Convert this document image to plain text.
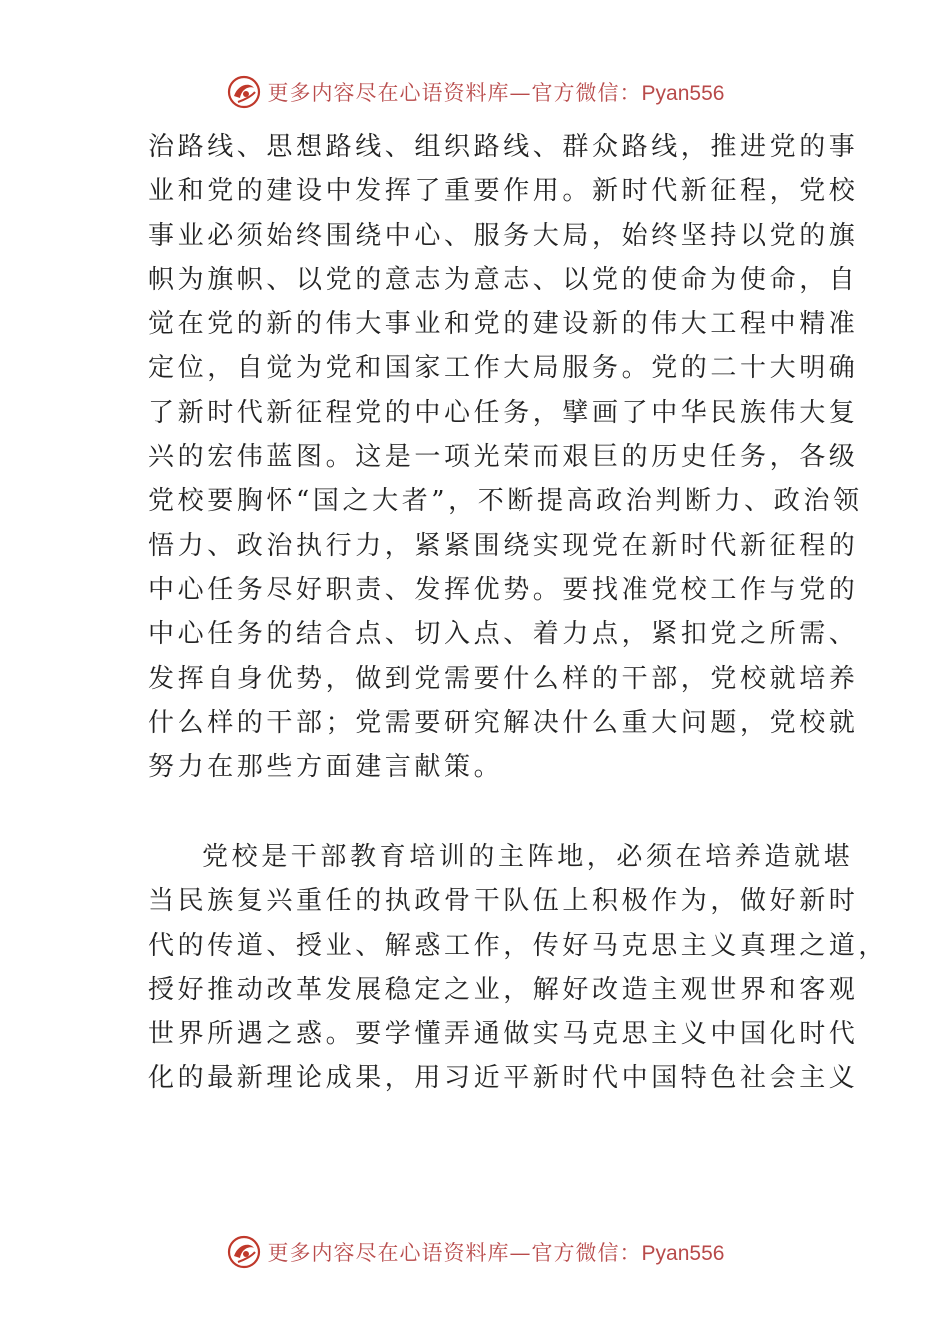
更多内容尽在心语资料库—官方微信：Pyan556
治路线、思想路线、组织路线、群众路线，推进党的事
业和党的建设中发挥了重要作用。新时代新征程，党校
事业必须始终围绕中心、服务大局，始终坚持以党的旗
帜为旗帜、以党的意志为意志、以党的使命为使命，自
觉在党的新的伟大事业和党的建设新的伟大工程中精准
定位，自觉为党和国家工作大局服务。党的二十大明确
了新时代新征程党的中心任务，擘画了中华民族伟大复
兴的宏伟蓝图。这是一项光荣而艰巨的历史任务，各级
党校要胸怀“国之大者”，不断提高政治判断力、政治领
悟力、政治执行力，紧紧围绕实现党在新时代新征程的
中心任务尽好职责、发挥优势。要找准党校工作与党的
中心任务的结合点、切入点、着力点，紧扣党之所需、
发挥自身优势，做到党需要什么样的干部，党校就培养
什么样的干部；党需要研究解决什么重大问题，党校就
努力在那些方面建言献策。
党校是干部教育培训的主阵地，必须在培养造就堪
当民族复兴重任的执政骨干队伍上积极作为，做好新时
代的传道、授业、解惑工作，传好马克思主义真理之道，
授好推动改革发展稳定之业，解好改造主观世界和客观
世界所遇之惑。要学懂弄通做实马克思主义中国化时代
化的最新理论成果，用习近平新时代中国特色社会主义
更多内容尽在心语资料库—官方微信：Pyan556
